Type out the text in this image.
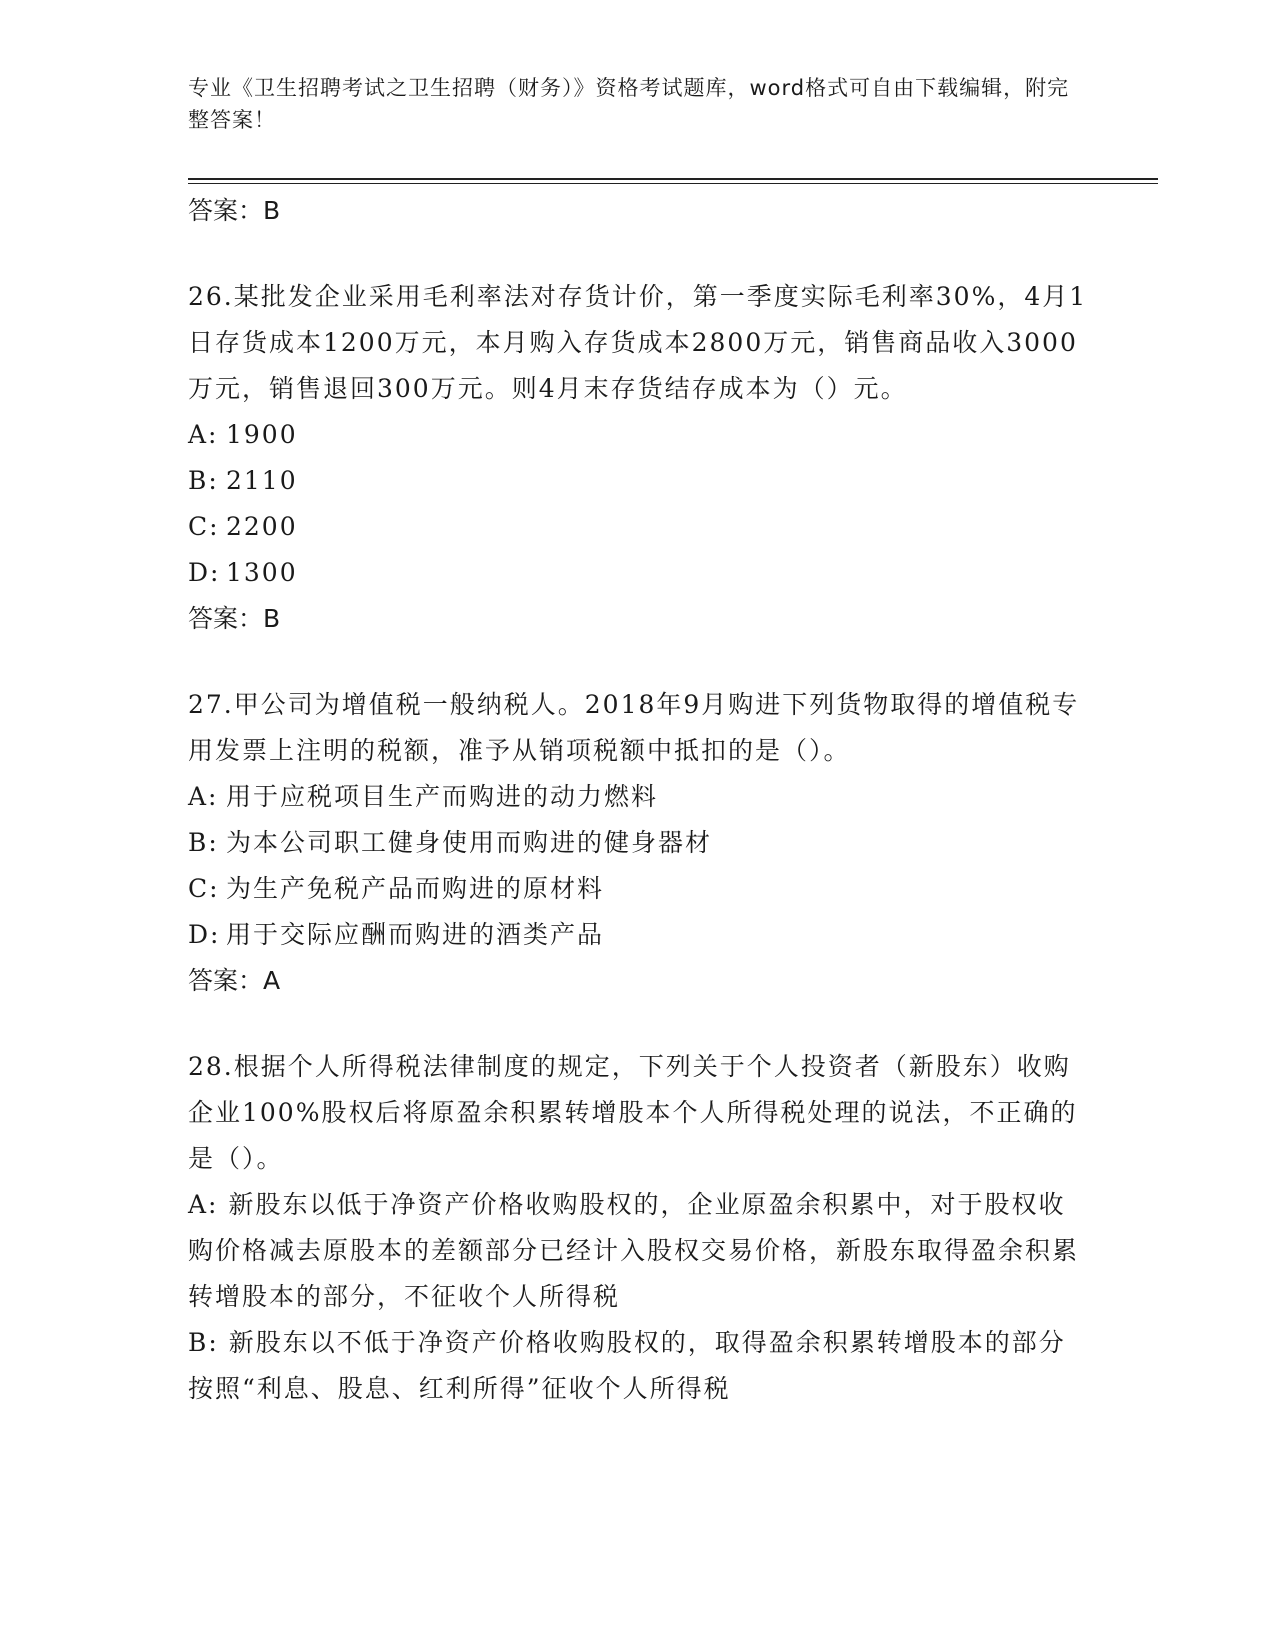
专业《卫生招聘考试之卫生招聘（财务）》资格考试题库，word格式可自由下载编辑，附完整答案！

答案：B

26.某批发企业采用毛利率法对存货计价，第一季度实际毛利率30%，4月1日存货成本1200万元，本月购入存货成本2800万元，销售商品收入3000万元，销售退回300万元。则4月末存货结存成本为（）元。

A: 1900

B: 2110

C: 2200

D: 1300

答案：B

27.甲公司为增值税一般纳税人。2018年9月购进下列货物取得的增值税专用发票上注明的税额，准予从销项税额中抵扣的是（）。

A: 用于应税项目生产而购进的动力燃料

B: 为本公司职工健身使用而购进的健身器材

C: 为生产免税产品而购进的原材料

D: 用于交际应酬而购进的酒类产品

答案：A

28.根据个人所得税法律制度的规定，下列关于个人投资者（新股东）收购企业100%股权后将原盈余积累转增股本个人所得税处理的说法，不正确的是（）。

A: 新股东以低于净资产价格收购股权的，企业原盈余积累中，对于股权收购价格减去原股本的差额部分已经计入股权交易价格，新股东取得盈余积累转增股本的部分，不征收个人所得税

B: 新股东以不低于净资产价格收购股权的，取得盈余积累转增股本的部分按照“利息、股息、红利所得”征收个人所得税
